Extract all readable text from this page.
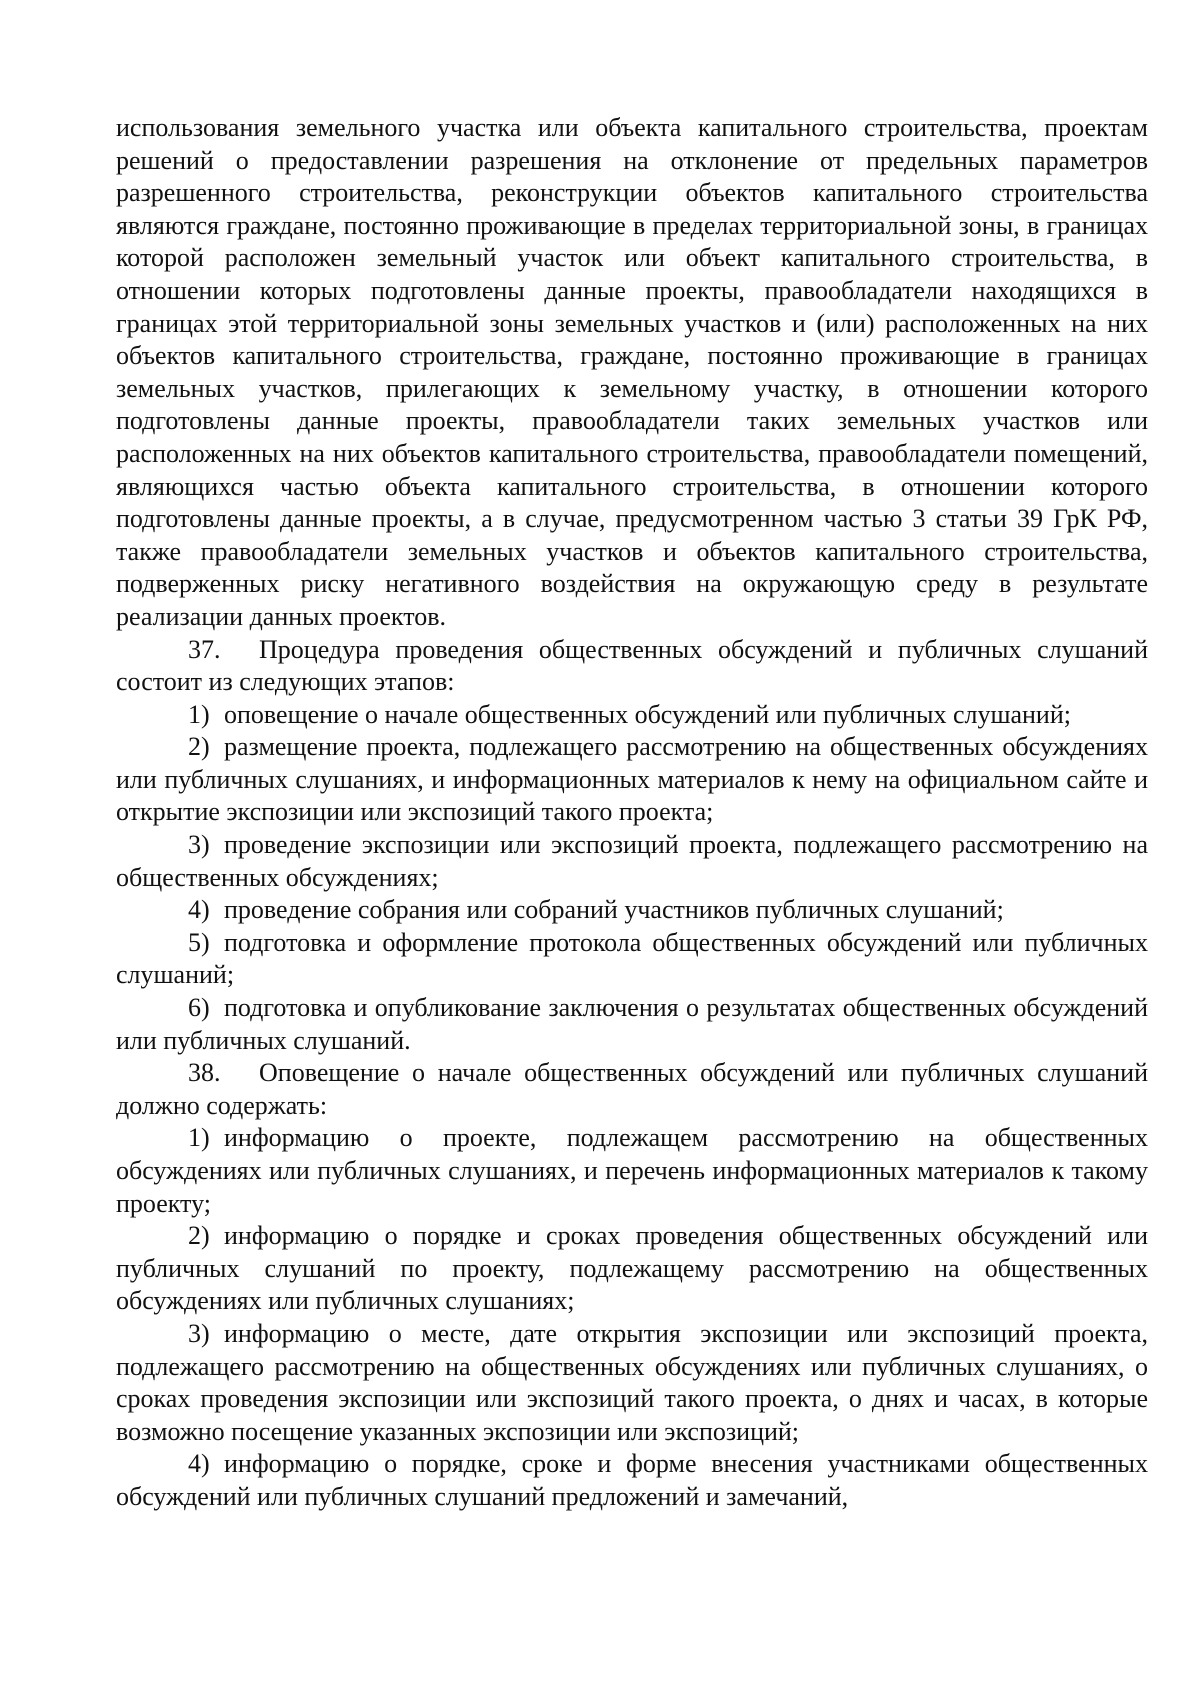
использования земельного участка или объекта капитального строительства, проектам решений о предоставлении разрешения на отклонение от предельных параметров разрешенного строительства, реконструкции объектов капитального строительства являются граждане, постоянно проживающие в пределах территориальной зоны, в границах которой расположен земельный участок или объект капитального строительства, в отношении которых подготовлены данные проекты, правообладатели находящихся в границах этой территориальной зоны земельных участков и (или) расположенных на них объектов капитального строительства, граждане, постоянно проживающие в границах земельных участков, прилегающих к земельному участку, в отношении которого подготовлены данные проекты, правообладатели таких земельных участков или расположенных на них объектов капитального строительства, правообладатели помещений, являющихся частью объекта капитального строительства, в отношении которого подготовлены данные проекты, а в случае, предусмотренном частью 3 статьи 39 ГрК РФ, также правообладатели земельных участков и объектов капитального строительства, подверженных риску негативного воздействия на окружающую среду в результате реализации данных проектов.

37. Процедура проведения общественных обсуждений и публичных слушаний состоит из следующих этапов:

1) оповещение о начале общественных обсуждений или публичных слушаний;

2) размещение проекта, подлежащего рассмотрению на общественных обсуждениях или публичных слушаниях, и информационных материалов к нему на официальном сайте и открытие экспозиции или экспозиций такого проекта;

3) проведение экспозиции или экспозиций проекта, подлежащего рассмотрению на общественных обсуждениях;

4) проведение собрания или собраний участников публичных слушаний;

5) подготовка и оформление протокола общественных обсуждений или публичных слушаний;

6) подготовка и опубликование заключения о результатах общественных обсуждений или публичных слушаний.

38. Оповещение о начале общественных обсуждений или публичных слушаний должно содержать:

1) информацию о проекте, подлежащем рассмотрению на общественных обсуждениях или публичных слушаниях, и перечень информационных материалов к такому проекту;

2) информацию о порядке и сроках проведения общественных обсуждений или публичных слушаний по проекту, подлежащему рассмотрению на общественных обсуждениях или публичных слушаниях;

3) информацию о месте, дате открытия экспозиции или экспозиций проекта, подлежащего рассмотрению на общественных обсуждениях или публичных слушаниях, о сроках проведения экспозиции или экспозиций такого проекта, о днях и часах, в которые возможно посещение указанных экспозиции или экспозиций;

4) информацию о порядке, сроке и форме внесения участниками общественных обсуждений или публичных слушаний предложений и замечаний,
